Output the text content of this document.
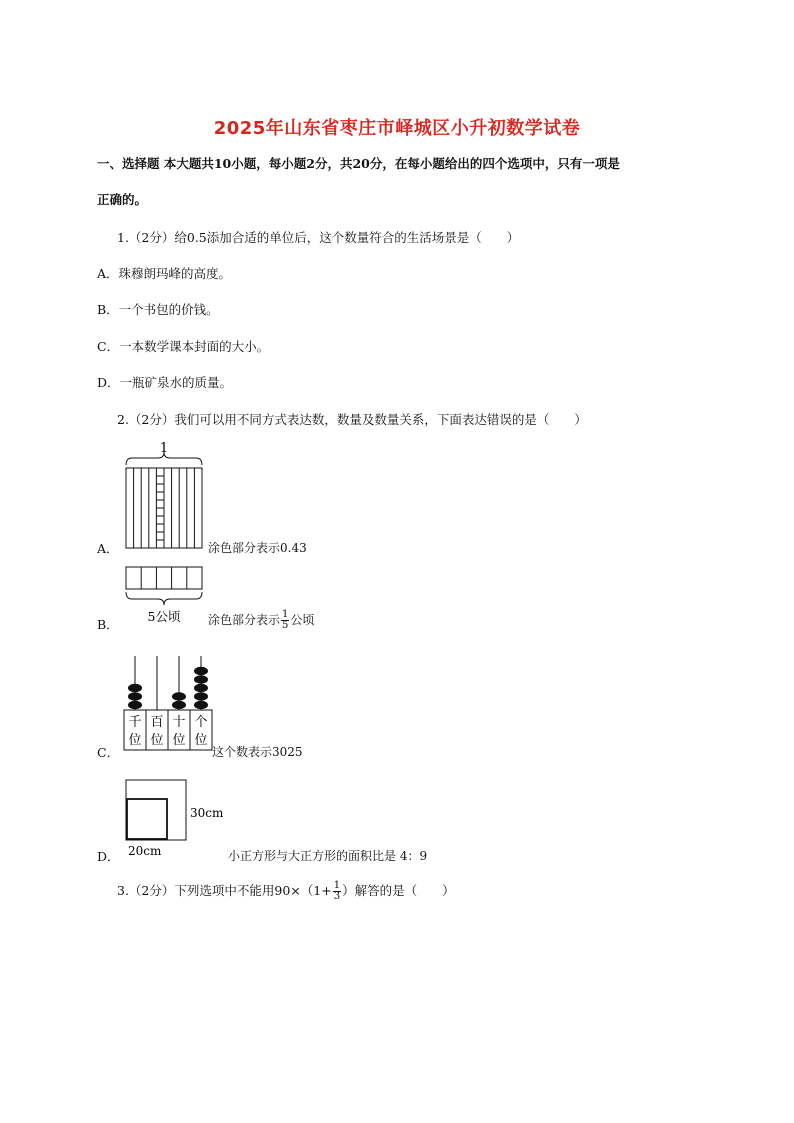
2025年山东省枣庄市峄城区小升初数学试卷
一、选择题 本大题共10小题，每小题2分，共20分，在每小题给出的四个选项中，只有一项是
正确的。
1.（2分）给0.5添加合适的单位后，这个数量符合的生活场景是（　　）
A．珠穆朗玛峰的高度。
B．一个书包的价钱。
C．一本数学课本封面的大小。
D．一瓶矿泉水的质量。
2.（2分）我们可以用不同方式表达数，数量及数量关系，下面表达错误的是（　　）
1
A．	涂色部分表示0.43
5公顷
B．	涂色部分表示 $\frac{1}{5}$ 公顷
千
位
百
位
十
位
个
位
C．	这个数表示3025
30cm
20cm
D．	小正方形与大正方形的面积比是 4：9
3.（2分）下列选项中不能用$90\times(1+ \frac{1}{3}$ ）解答的是（　　）
